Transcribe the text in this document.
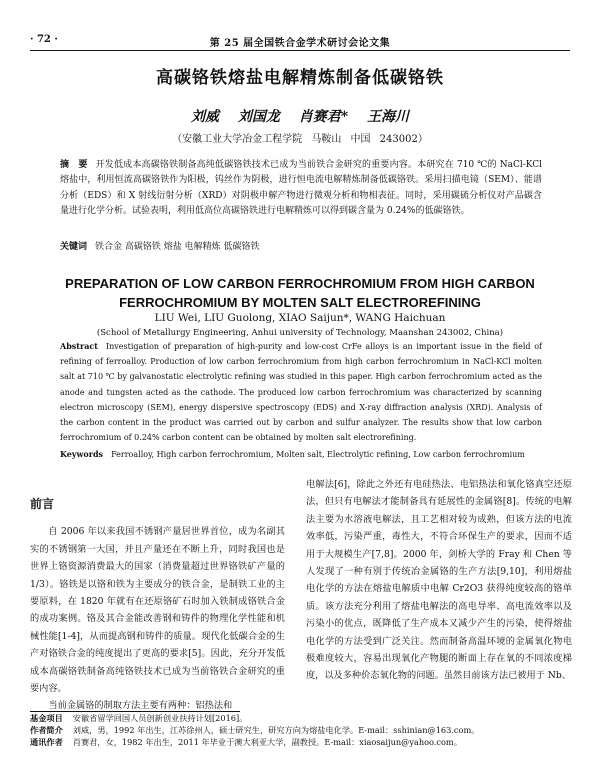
· 72 ·	第 25 届全国铁合金学术研讨会论文集
高碳铬铁熔盐电解精炼制备低碳铬铁
刘威 刘国龙 肖赛君* 王海川
（安徽工业大学冶金工程学院 马鞍山 中国 243002）
摘　要 开发低成本高碳铬铁制备高纯低碳铬铁技术已成为当前铁合金研究的重要内容。本研究在 710 ℃的 NaCl-KCl 熔盐中，利用恒流高碳铬铁作为阳极，钨丝作为阴极，进行恒电流电解精炼制备低碳铬铁。采用扫描电镜（SEM）、能谱分析（EDS）和 X 射线衍射分析（XRD）对阴极申解产物进行微观分析和物相表征。同时，采用碳硫分析仪对产品碳含量进行化学分析。试验表明，利用低高位高碳铬铁进行电解精炼可以得到碳含量为 0.24%的低碳铬铁。
关键词 铁合金 高碳铬铁 熔盐 电解精炼 低碳铬铁
PREPARATION OF LOW CARBON FERROCHROMIUM FROM HIGH CARBON
FERROCHROMIUM BY MOLTEN SALT ELECTROREFINING
LIU Wei, LIU Guolong, XIAO Saijun*, WANG Haichuan
(School of Metallurgy Engineering, Anhui university of Technology, Maanshan 243002, China)
Abstract Investigation of preparation of high-purity and low-cost CrFe alloys is an important issue in the field of refining of ferroalloy. Production of low carbon ferrochromium from high carbon ferrochromium in NaCl-KCl molten salt at 710 ℃ by galvanostatic electrolytic refining was studied in this paper. High carbon ferrochromium acted as the anode and tungsten acted as the cathode. The produced low carbon ferrochromium was characterized by scanning electron microscopy (SEM), energy dispersive spectroscopy (EDS) and X-ray diffraction analysis (XRD). Analysis of the carbon content in the product was carried out by carbon and sulfur analyzer. The results show that low carbon ferrochromium of 0.24% carbon content can be obtained by molten salt electrorefining.
Keywords Ferroalloy, High carbon ferrochromium, Molten salt, Electrolytic refining, Low carbon ferrochromium
前言

自 2006 年以来我国不锈钢产量居世界首位，成为名副其实的不锈钢第一大国，并且产量还在不断上升，同时我国也是世界上铬资源消费最大的国家（消费量超过世界铬铁矿产量的 1/3）。铬铁是以铬和铁为主要成分的铁合金，是制铁工业的主要原料，在 1820 年就有在还原铬矿石时加入铁制成铬铁合金的成功案例。铬及其合金能改善钢和铸件的物理化学性能和机械性能[1-4]，从而提高钢和铸件的质量。现代化低碳合金的生产对铬铁合金的纯度提出了更高的要求[5]。因此，充分开发低成本高碳铬铁制备高纯铬铁技术已成为当前铬铁合金研究的重要内容。

当前金属铬的制取方法主要有两种：铝热法和

电解法[6]，除此之外还有电硅热法、电铝热法和氧化铬真空还原法，但只有电解法才能制备具有延展性的金属铬[8]。传统的电解法主要为水溶液电解法，且工艺相对较为成熟，但该方法的电流效率低，污染严重，毒性大，不符合环保生产的要求，因而不适用于大规模生产[7,8]。2000 年，剑桥大学的 Fray 和 Chen 等人发现了一种有别于传统冶金属铬的生产方法[9,10]，利用熔盐电化学的方法在熔盐电解质中电解 Cr2O3 获得纯度较高的铬单质。该方法充分利用了熔盐电解法的高电导率、高电流效率以及污染小的优点，既降低了生产成本又减少产生的污染，使得熔盐电化学的方法受到广泛关注。然而制备高温环境的金属氧化物电极难度较大，容易出现氧化产物腿的断面上存在氧的不同浓度梯度，以及多种价态氧化物的问题。虽然目前该方法已被用于 Nb、

基金项目 安徽省留学回国人员创新创业扶持计划[2016]。
作者简介 刘威，男，1992 年出生，江苏徐州人，硕士研究生，研究方向为熔盐电化学。E-mail：sshinian@163.com。
通讯作者 肖赛君，女，1982 年出生，2011 年毕业于澳大利亚大学，副教授。E-mail：xiaosaijun@yahoo.com。
